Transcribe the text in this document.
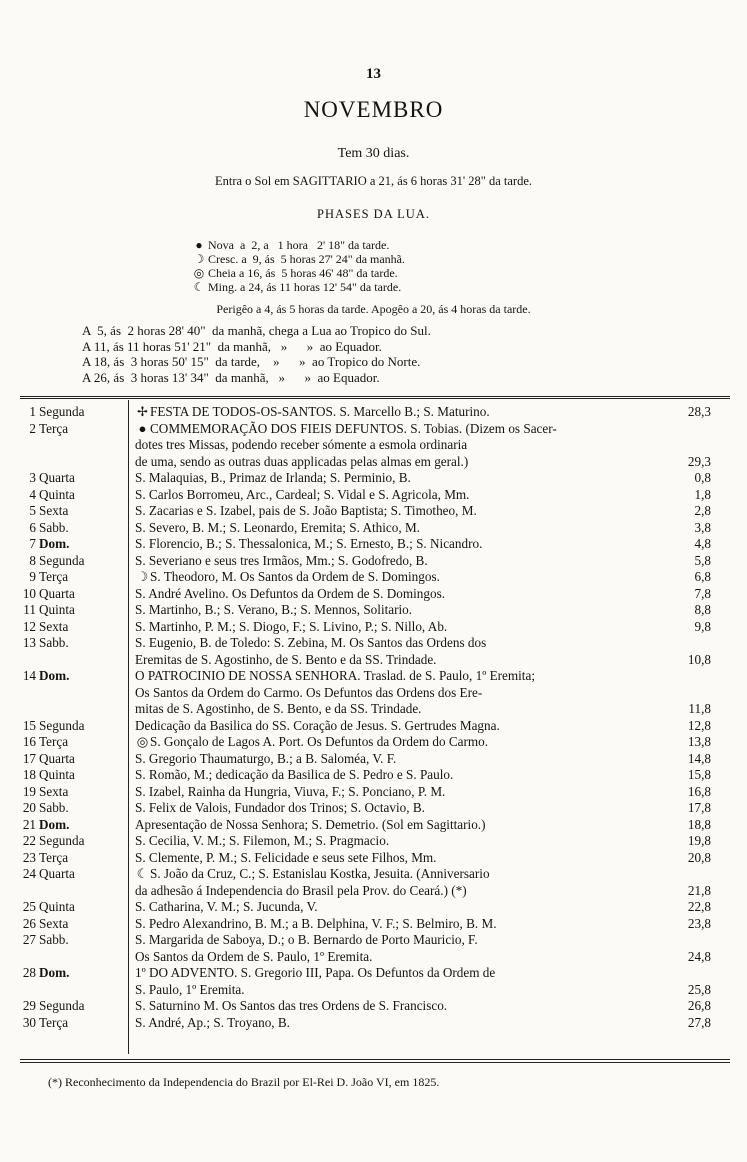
13
NOVEMBRO
Tem 30 dias.
Entra o Sol em SAGITTARIO a 21, ás 6 horas 31' 28" da tarde.
PHASES DA LUA.
● Nova  a  2, a   1 hora   2' 18" da tarde.
☽ Cresc. a  9, ás  5 horas 27' 24" da manhã.
◎ Cheia a 16, ás  5 horas 46' 48" da tarde.
☾ Ming. a 24, ás 11 horas 12' 54" da tarde.
Perigêo a 4, ás 5 horas da tarde. Apogêo a 20, ás 4 horas da tarde.
A  5, ás  2 horas 28' 40"  da manhã, chega a Lua ao Tropico do Sul.
A 11, ás 11 horas 51' 21"  da manhã,   »      »  ao Equador.
A 18, ás  3 horas 50' 15"  da tarde,    »      »  ao Tropico do Norte.
A 26, ás  3 horas 13' 34"  da manhã,   »      »  ao Equador.
1 Segunda	✢ FESTA DE TODOS-OS-SANTOS. S. Marcello B.; S. Maturino.	28,3
2 Terça	● COMMEMORAÇÃO DOS FIEIS DEFUNTOS. S. Tobias. (Dizem os Sacer-
dotes tres Missas, podendo receber sómente a esmola ordinaria
de uma, sendo as outras duas applicadas pelas almas em geral.)	29,3
3 Quarta	S. Malaquias, B., Primaz de Irlanda; S. Perminio, B.	0,8
4 Quinta	S. Carlos Borromeu, Arc., Cardeal; S. Vidal e S. Agricola, Mm.	1,8
5 Sexta	S. Zacarias e S. Izabel, pais de S. João Baptista; S. Timotheo, M.	2,8
6 Sabb.	S. Severo, B. M.; S. Leonardo, Eremita; S. Athico, M.	3,8
7 Dom.	S. Florencio, B.; S. Thessalonica, M.; S. Ernesto, B.; S. Nicandro.	4,8
8 Segunda	S. Severiano e seus tres Irmãos, Mm.; S. Godofredo, B.	5,8
9 Terça	☽ S. Theodoro, M. Os Santos da Ordem de S. Domingos.	6,8
10 Quarta	S. André Avelino. Os Defuntos da Ordem de S. Domingos.	7,8
11 Quinta	S. Martinho, B.; S. Verano, B.; S. Mennos, Solitario.	8,8
12 Sexta	S. Martinho, P. M.; S. Diogo, F.; S. Livino, P.; S. Nillo, Ab.	9,8
13 Sabb.	S. Eugenio, B. de Toledo: S. Zebina, M. Os Santos das Ordens dos
Eremitas de S. Agostinho, de S. Bento e da SS. Trindade.	10,8
14 Dom.	O PATROCINIO DE NOSSA SENHORA. Traslad. de S. Paulo, 1º Eremita;
Os Santos da Ordem do Carmo. Os Defuntos das Ordens dos Ere-
mitas de S. Agostinho, de S. Bento, e da SS. Trindade.	11,8
15 Segunda	Dedicação da Basilica do SS. Coração de Jesus. S. Gertrudes Magna.	12,8
16 Terça	◎ S. Gonçalo de Lagos A. Port. Os Defuntos da Ordem do Carmo.	13,8
17 Quarta	S. Gregorio Thaumaturgo, B.; a B. Saloméa, V. F.	14,8
18 Quinta	S. Romão, M.; dedicação da Basilica de S. Pedro e S. Paulo.	15,8
19 Sexta	S. Izabel, Rainha da Hungria, Viuva, F.; S. Ponciano, P. M.	16,8
20 Sabb.	S. Felix de Valois, Fundador dos Trinos; S. Octavio, B.	17,8
21 Dom.	Apresentação de Nossa Senhora; S. Demetrio. (Sol em Sagittario.)	18,8
22 Segunda	S. Cecilia, V. M.; S. Filemon, M.; S. Pragmacio.	19,8
23 Terça	S. Clemente, P. M.; S. Felicidade e seus sete Filhos, Mm.	20,8
24 Quarta	☾ S. João da Cruz, C.; S. Estanislau Kostka, Jesuita. (Anniversario
da adhesão á Independencia do Brasil pela Prov. do Ceará.) (*)	21,8
25 Quinta	S. Catharina, V. M.; S. Jucunda, V.	22,8
26 Sexta	S. Pedro Alexandrino, B. M.; a B. Delphina, V. F.; S. Belmiro, B. M.	23,8
27 Sabb.	S. Margarida de Saboya, D.; o B. Bernardo de Porto Mauricio, F.
Os Santos da Ordem de S. Paulo, 1º Eremita.	24,8
28 Dom.	1º DO ADVENTO. S. Gregorio III, Papa. Os Defuntos da Ordem de
S. Paulo, 1º Eremita.	25,8
29 Segunda	S. Saturnino M. Os Santos das tres Ordens de S. Francisco.	26,8
30 Terça	S. André, Ap.; S. Troyano, B.	27,8
(*) Reconhecimento da Independencia do Brazil por El-Rei D. João VI, em 1825.
